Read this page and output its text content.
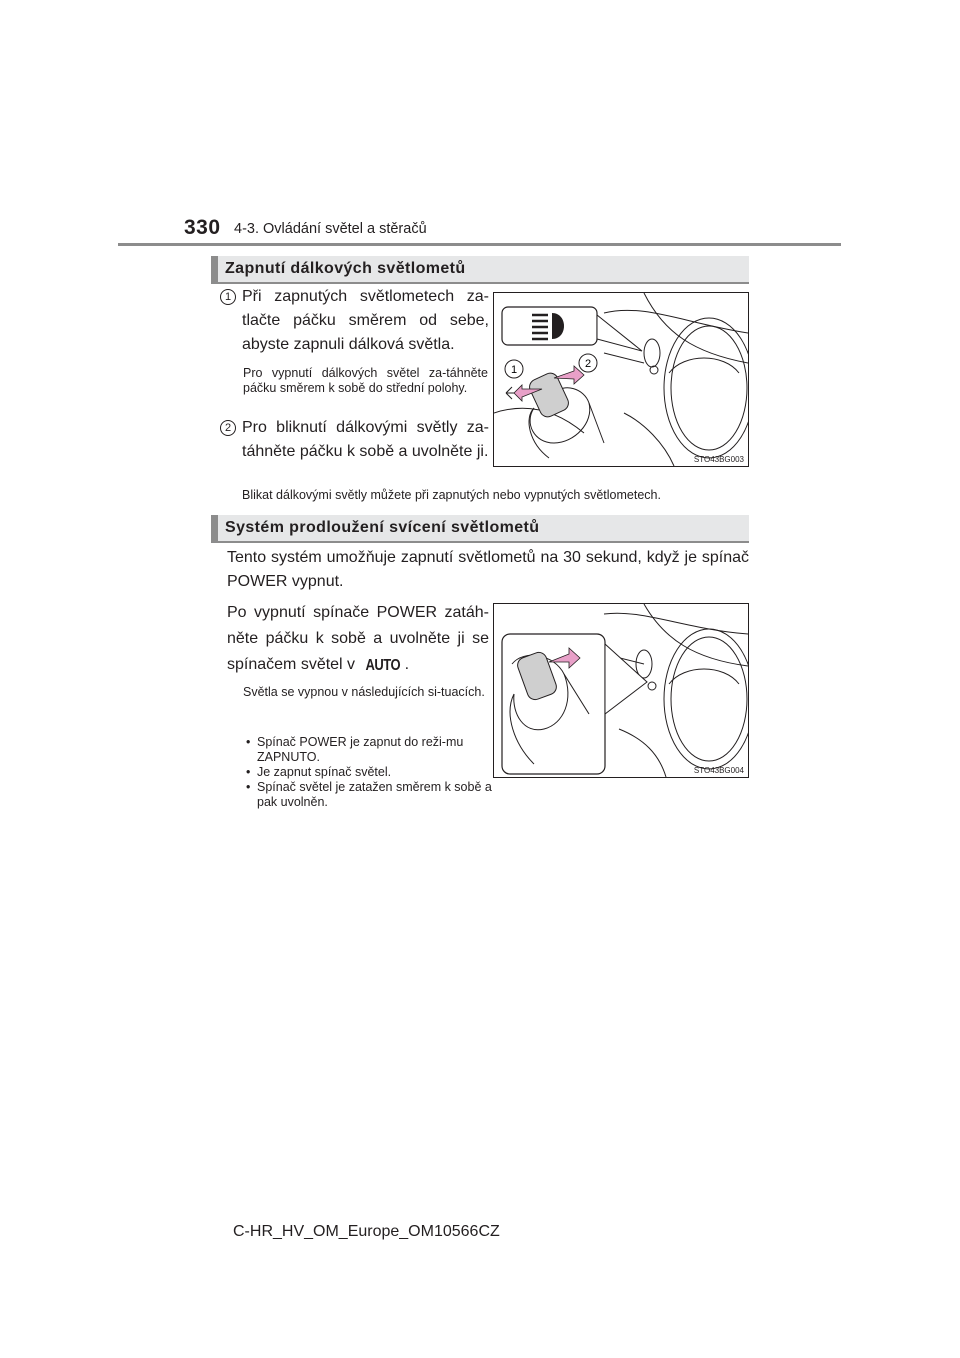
330 4-3. Ovládání světel a stěračů
Zapnutí dálkových světlometů
1 Při zapnutých světlometech za-tlačte páčku směrem od sebe, abyste zapnuli dálková světla.
Pro vypnutí dálkových světel za-táhněte páčku směrem k sobě do střední polohy.
2 Pro bliknutí dálkovými světly za-táhněte páčku k sobě a uvolněte ji.
Blikat dálkovými světly můžete při zapnutých nebo vypnutých světlometech.
1	2
STO43BG003
Systém prodloužení svícení světlometů
Tento systém umožňuje zapnutí světlometů na 30 sekund, když je spínač POWER vypnut.
Po vypnutí spínače POWER zatáh-něte páčku k sobě a uvolněte ji se spínačem světel v AUTO .
Světla se vypnou v následujících si-tuacích.
• Spínač POWER je zapnut do reži-mu ZAPNUTO.
• Je zapnut spínač světel.
• Spínač světel je zatažen směrem k sobě a pak uvolněn.
STO43BG004
C-HR_HV_OM_Europe_OM10566CZ
